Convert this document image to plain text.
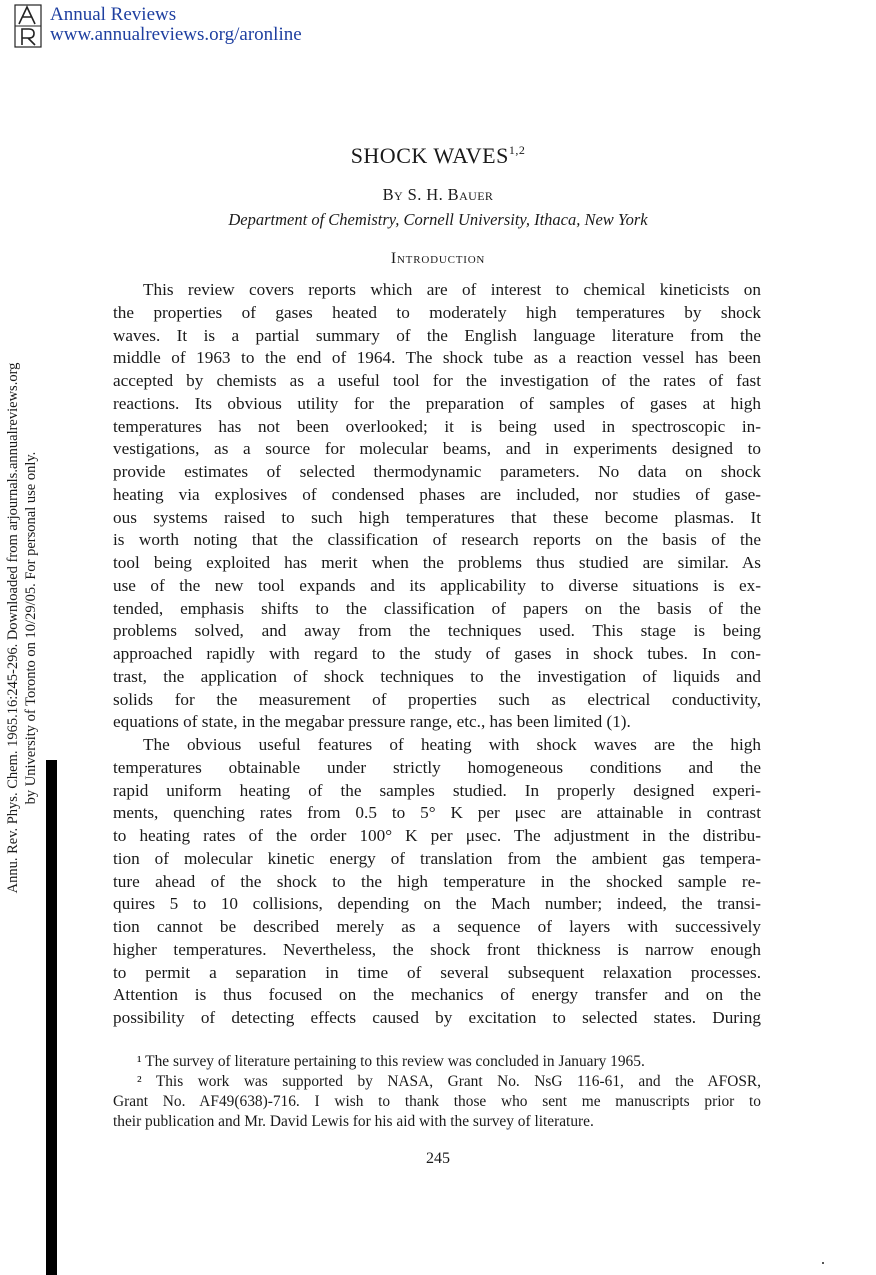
Annual Reviews
www.annualreviews.org/aronline
Annu. Rev. Phys. Chem. 1965.16:245-296. Downloaded from arjournals.annualreviews.org by University of Toronto on 10/29/05. For personal use only.
SHOCK WAVES$^{1,2}$
By S. H. Bauer
Department of Chemistry, Cornell University, Ithaca, New York
Introduction
This review covers reports which are of interest to chemical kineticists on
the properties of gases heated to moderately high temperatures by shock
waves. It is a partial summary of the English language literature from the
middle of 1963 to the end of 1964. The shock tube as a reaction vessel has been
accepted by chemists as a useful tool for the investigation of the rates of fast
reactions. Its obvious utility for the preparation of samples of gases at high
temperatures has not been overlooked; it is being used in spectroscopic in-
vestigations, as a source for molecular beams, and in experiments designed to
provide estimates of selected thermodynamic parameters. No data on shock
heating via explosives of condensed phases are included, nor studies of gase-
ous systems raised to such high temperatures that these become plasmas. It
is worth noting that the classification of research reports on the basis of the
tool being exploited has merit when the problems thus studied are similar. As
use of the new tool expands and its applicability to diverse situations is ex-
tended, emphasis shifts to the classification of papers on the basis of the
problems solved, and away from the techniques used. This stage is being
approached rapidly with regard to the study of gases in shock tubes. In con-
trast, the application of shock techniques to the investigation of liquids and
solids for the measurement of properties such as electrical conductivity,
equations of state, in the megabar pressure range, etc., has been limited (1).
The obvious useful features of heating with shock waves are the high
temperatures obtainable under strictly homogeneous conditions and the
rapid uniform heating of the samples studied. In properly designed experi-
ments, quenching rates from 0.5 to 5° K per μsec are attainable in contrast
to heating rates of the order 100° K per μsec. The adjustment in the distribu-
tion of molecular kinetic energy of translation from the ambient gas tempera-
ture ahead of the shock to the high temperature in the shocked sample re-
quires 5 to 10 collisions, depending on the Mach number; indeed, the transi-
tion cannot be described merely as a sequence of layers with successively
higher temperatures. Nevertheless, the shock front thickness is narrow enough
to permit a separation in time of several subsequent relaxation processes.
Attention is thus focused on the mechanics of energy transfer and on the
possibility of detecting effects caused by excitation to selected states. During
¹ The survey of literature pertaining to this review was concluded in January 1965.
² This work was supported by NASA, Grant No. NsG 116-61, and the AFOSR,
Grant No. AF49(638)-716. I wish to thank those who sent me manuscripts prior to
their publication and Mr. David Lewis for his aid with the survey of literature.
245
